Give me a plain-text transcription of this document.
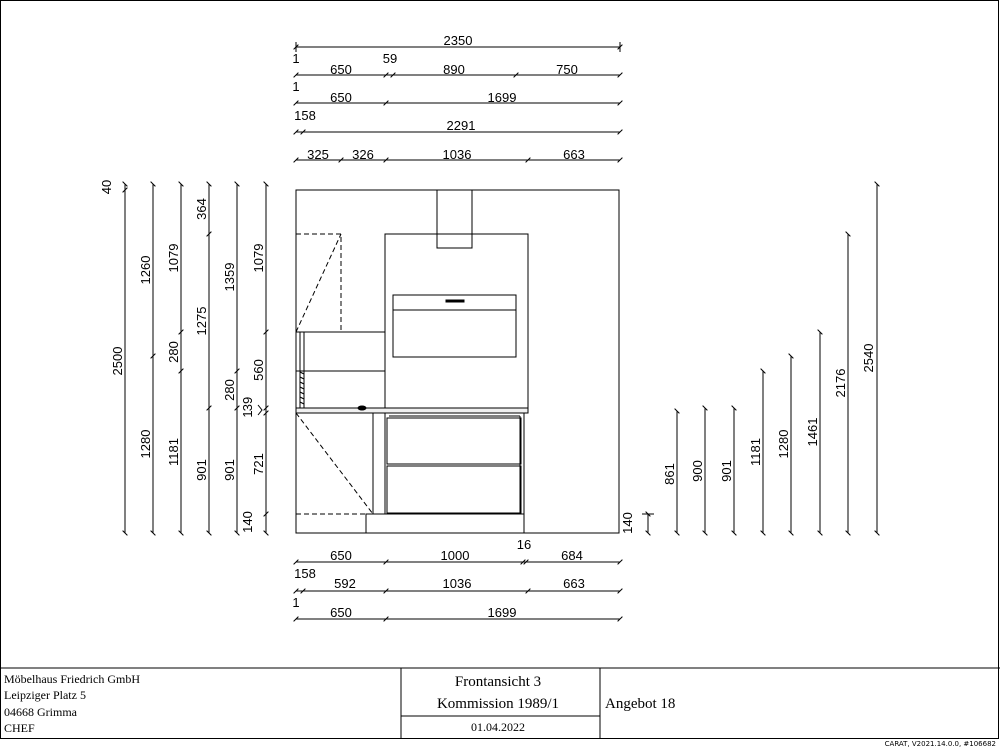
2350
1	59
650	890	750
1
650	1699
158
2291
325 326	1036	663
40
2500
1260
1280
1079
280
1181
364
1275
901
1359
280
901
1079
560
39
1
721
140	140
861 900 901
1181 1280 1461
2176
2540
650	1000
16
684
158
592	1036	663
1
650	1699
Möbelhaus Friedrich GmbH
Leipziger Platz 5
04668 Grimma
CHEF
Frontansicht 3
Kommission 1989/1
01.04.2022
Angebot 18
CARAT, V2021.14.0.0, #106682
